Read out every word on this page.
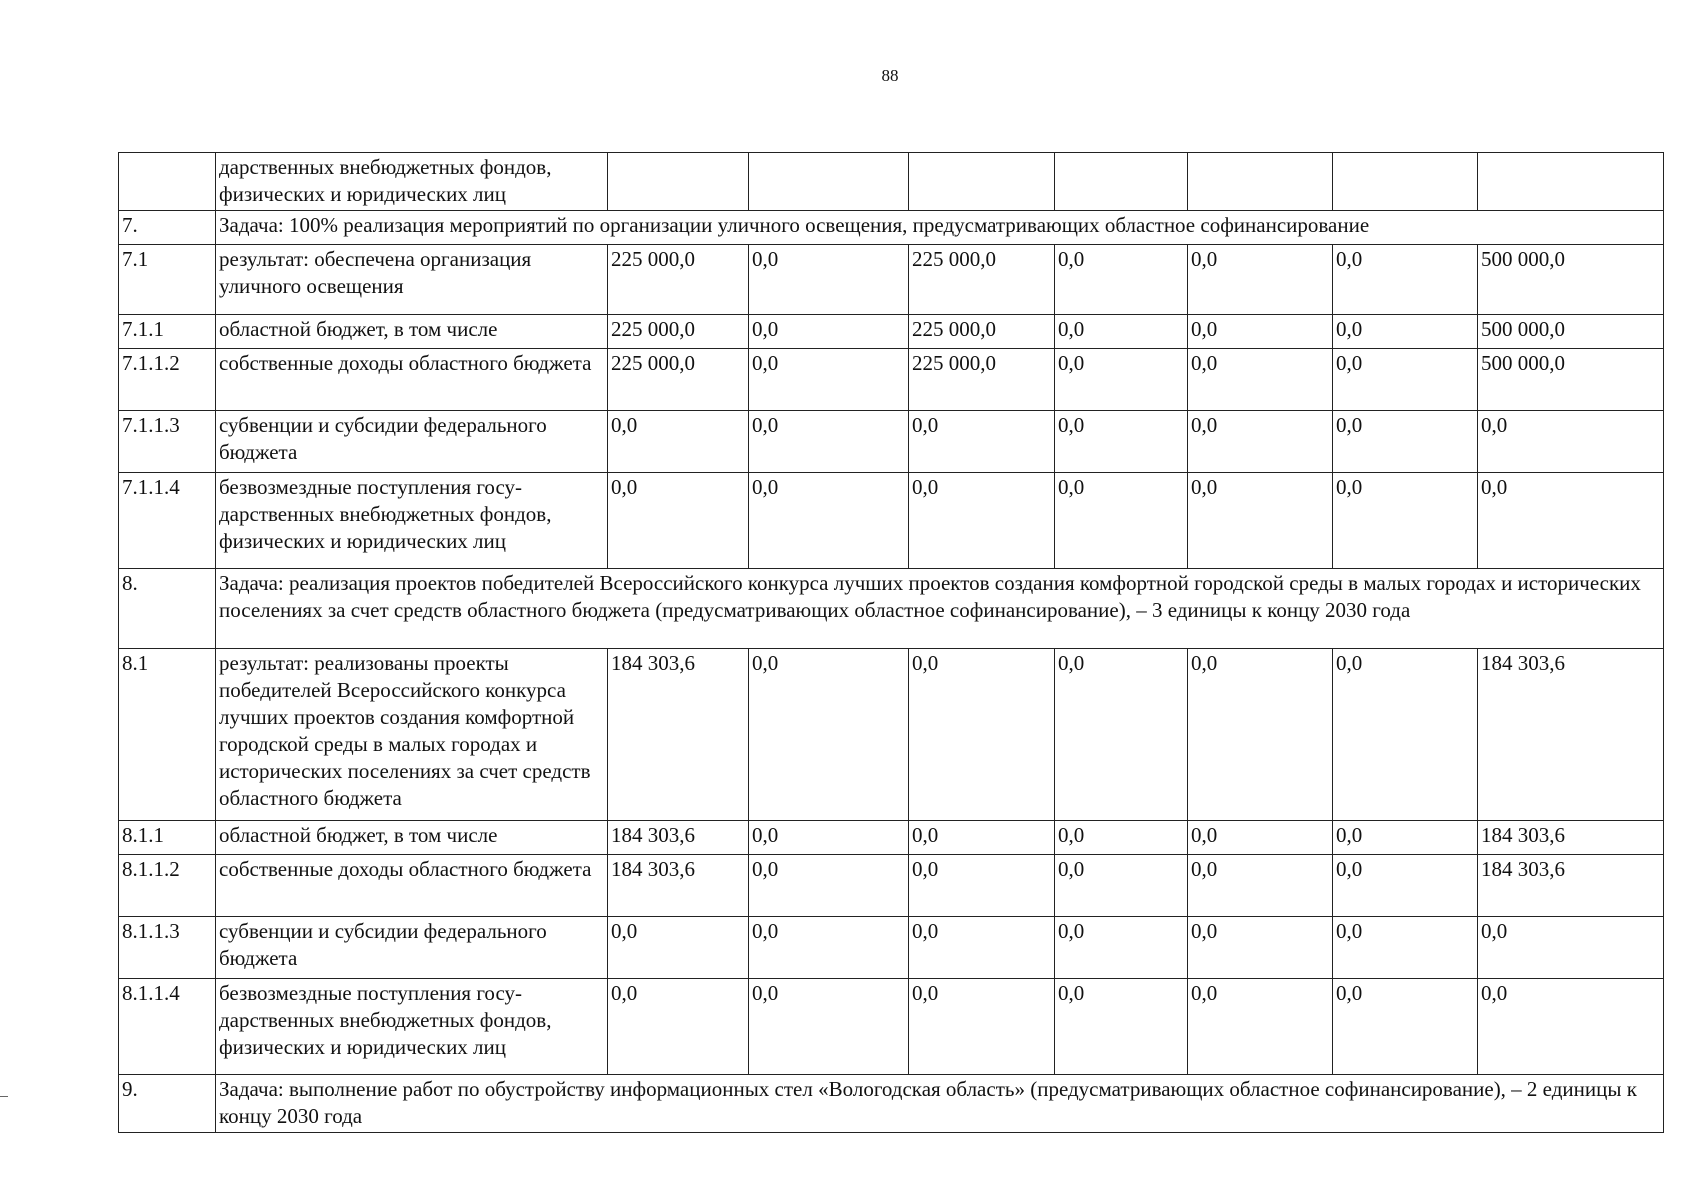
88
	дарственных внебюджетных фондов, физических и юридических лиц							
7.	Задача: 100% реализация мероприятий по организации уличного освещения, предусматривающих областное софинансирование							
7.1	результат: обеспечена организация уличного освещения	225 000,0	0,0	225 000,0	0,0	0,0	0,0	500 000,0
7.1.1	областной бюджет, в том числе	225 000,0	0,0	225 000,0	0,0	0,0	0,0	500 000,0
7.1.1.2	собственные доходы областного бюджета	225 000,0	0,0	225 000,0	0,0	0,0	0,0	500 000,0
7.1.1.3	субвенции и субсидии федерального бюджета	0,0	0,0	0,0	0,0	0,0	0,0	0,0
7.1.1.4	безвозмездные поступления госу-дарственных внебюджетных фондов, физических и юридических лиц	0,0	0,0	0,0	0,0	0,0	0,0	0,0
8.	Задача: реализация проектов победителей Всероссийского конкурса лучших проектов создания комфортной городской среды в малых городах и исторических поселениях за счет средств областного бюджета (предусматривающих областное софинансирование), – 3 единицы к концу 2030 года							
8.1	результат: реализованы проекты победителей Всероссийского конкурса лучших проектов создания комфортной городской среды в малых городах и исторических поселениях за счет средств областного бюджета	184 303,6	0,0	0,0	0,0	0,0	0,0	184 303,6
8.1.1	областной бюджет, в том числе	184 303,6	0,0	0,0	0,0	0,0	0,0	184 303,6
8.1.1.2	собственные доходы областного бюджета	184 303,6	0,0	0,0	0,0	0,0	0,0	184 303,6
8.1.1.3	субвенции и субсидии федерального бюджета	0,0	0,0	0,0	0,0	0,0	0,0	0,0
8.1.1.4	безвозмездные поступления госу-дарственных внебюджетных фондов, физических и юридических лиц	0,0	0,0	0,0	0,0	0,0	0,0	0,0
9.	Задача: выполнение работ по обустройству информационных стел «Вологодская область» (предусматривающих областное софинансирование), – 2 единицы к концу 2030 года							
